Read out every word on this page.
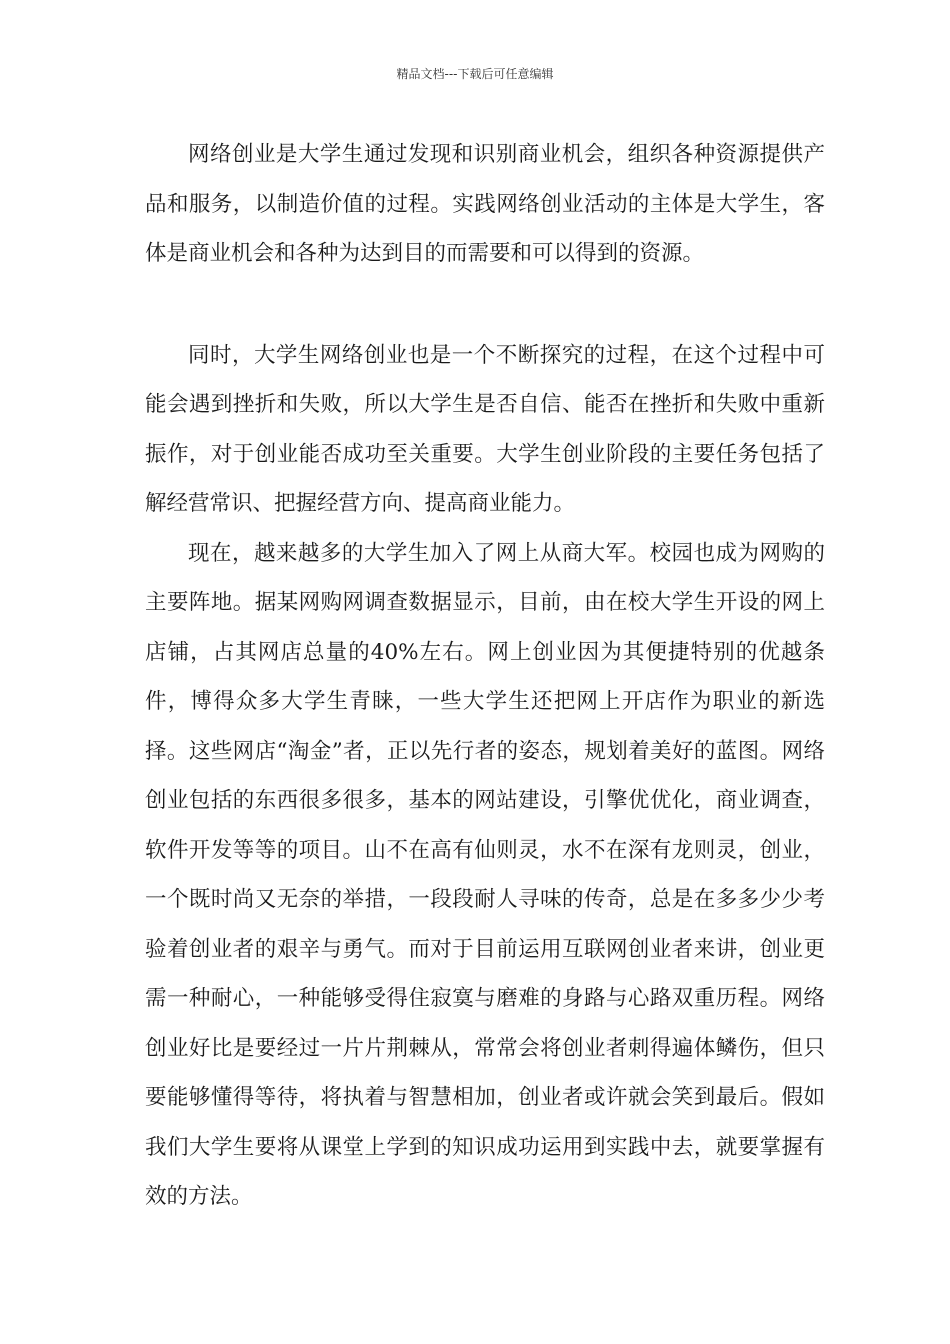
精品文档---下载后可任意编辑

网络创业是大学生通过发现和识别商业机会，组织各种资源提供产品和服务，以制造价值的过程。实践网络创业活动的主体是大学生，客体是商业机会和各种为达到目的而需要和可以得到的资源。

同时，大学生网络创业也是一个不断探究的过程，在这个过程中可能会遇到挫折和失败，所以大学生是否自信、能否在挫折和失败中重新振作，对于创业能否成功至关重要。大学生创业阶段的主要任务包括了解经营常识、把握经营方向、提高商业能力。

现在，越来越多的大学生加入了网上从商大军。校园也成为网购的主要阵地。据某网购网调查数据显示，目前，由在校大学生开设的网上店铺，占其网店总量的40%左右。网上创业因为其便捷特别的优越条件，博得众多大学生青睐，一些大学生还把网上开店作为职业的新选择。这些网店“淘金”者，正以先行者的姿态，规划着美好的蓝图。网络创业包括的东西很多很多，基本的网站建设，引擎优优化，商业调查，软件开发等等的项目。山不在高有仙则灵，水不在深有龙则灵，创业，一个既时尚又无奈的举措，一段段耐人寻味的传奇，总是在多多少少考验着创业者的艰辛与勇气。而对于目前运用互联网创业者来讲，创业更需一种耐心，一种能够受得住寂寞与磨难的身路与心路双重历程。网络创业好比是要经过一片片荆棘从，常常会将创业者刺得遍体鳞伤，但只要能够懂得等待，将执着与智慧相加，创业者或许就会笑到最后。假如我们大学生要将从课堂上学到的知识成功运用到实践中去，就要掌握有效的方法。
